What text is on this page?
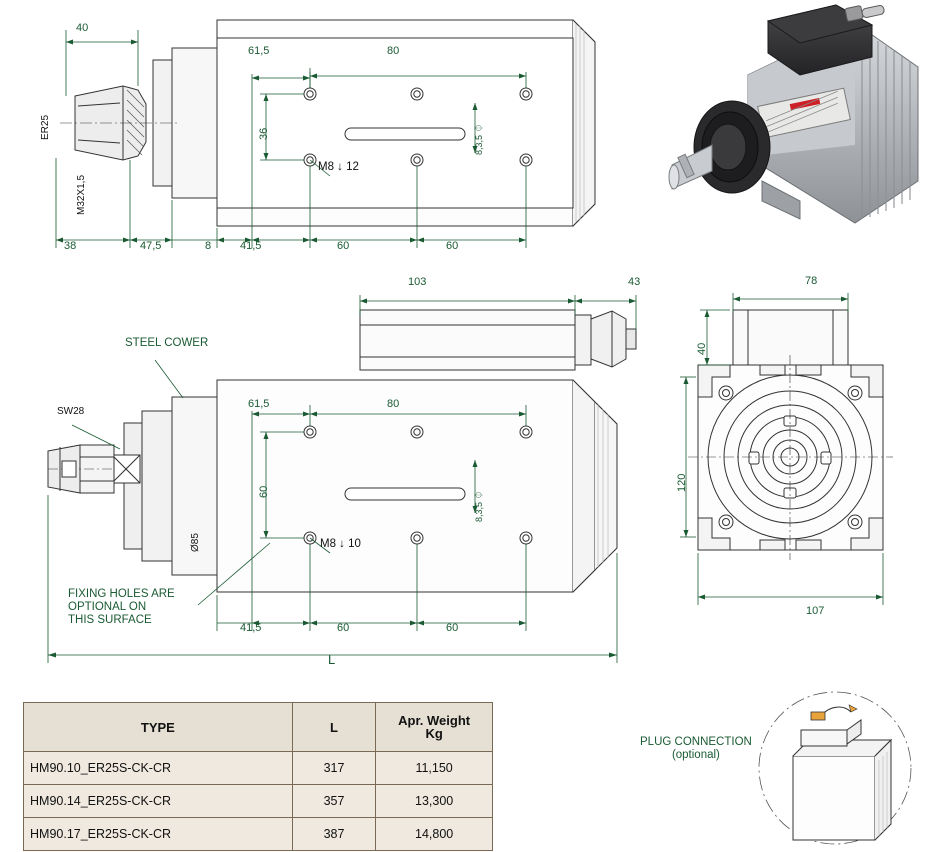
40
61,5	80
36	8,3,5 ⏀
M8 ↓ 12
ER25
M32X1,5
38	47,5	8	41,5	60	60
103	43
STEEL COWER
SW28
Ø85
61,5	80
60	8,3,5 ⏀
M8 ↓ 10
41,5	60	60
L
FIXING HOLES ARE
OPTIONAL ON
THIS SURFACE
78
40
120
107
PLUG CONNECTION
(optional)
TYPE	L	Apr. Weight
Kg

HM90.10_ER25S-CK-CR	317	11,150
HM90.14_ER25S-CK-CR	357	13,300
HM90.17_ER25S-CK-CR	387	14,800
